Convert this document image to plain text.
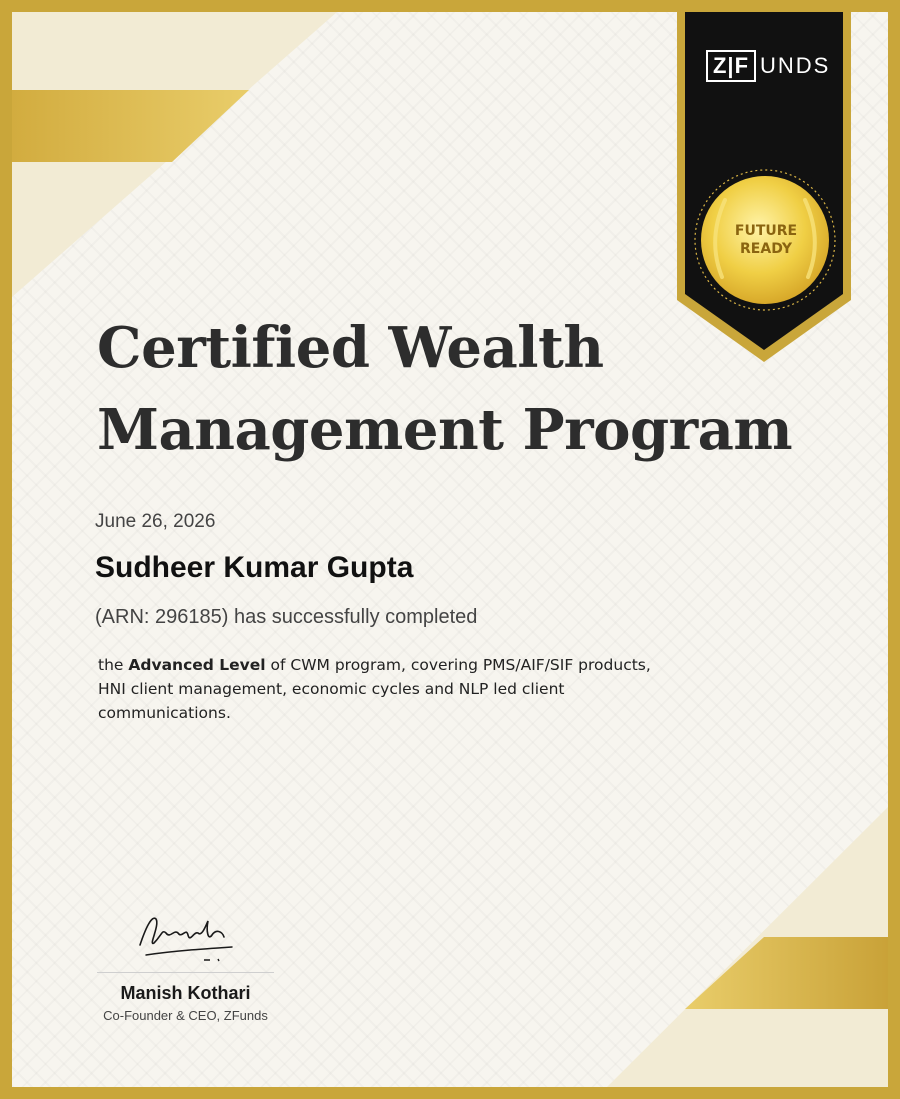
Z|F UNDS
FUTURE
READY
Certified Wealth
Management Program
June 26, 2026
Sudheer Kumar Gupta
(ARN: 296185) has successfully completed
the Advanced Level of CWM program, covering PMS/AIF/SIF products,
HNI client management, economic cycles and NLP led client
communications.
Manish Kothari
Co-Founder & CEO, ZFunds
